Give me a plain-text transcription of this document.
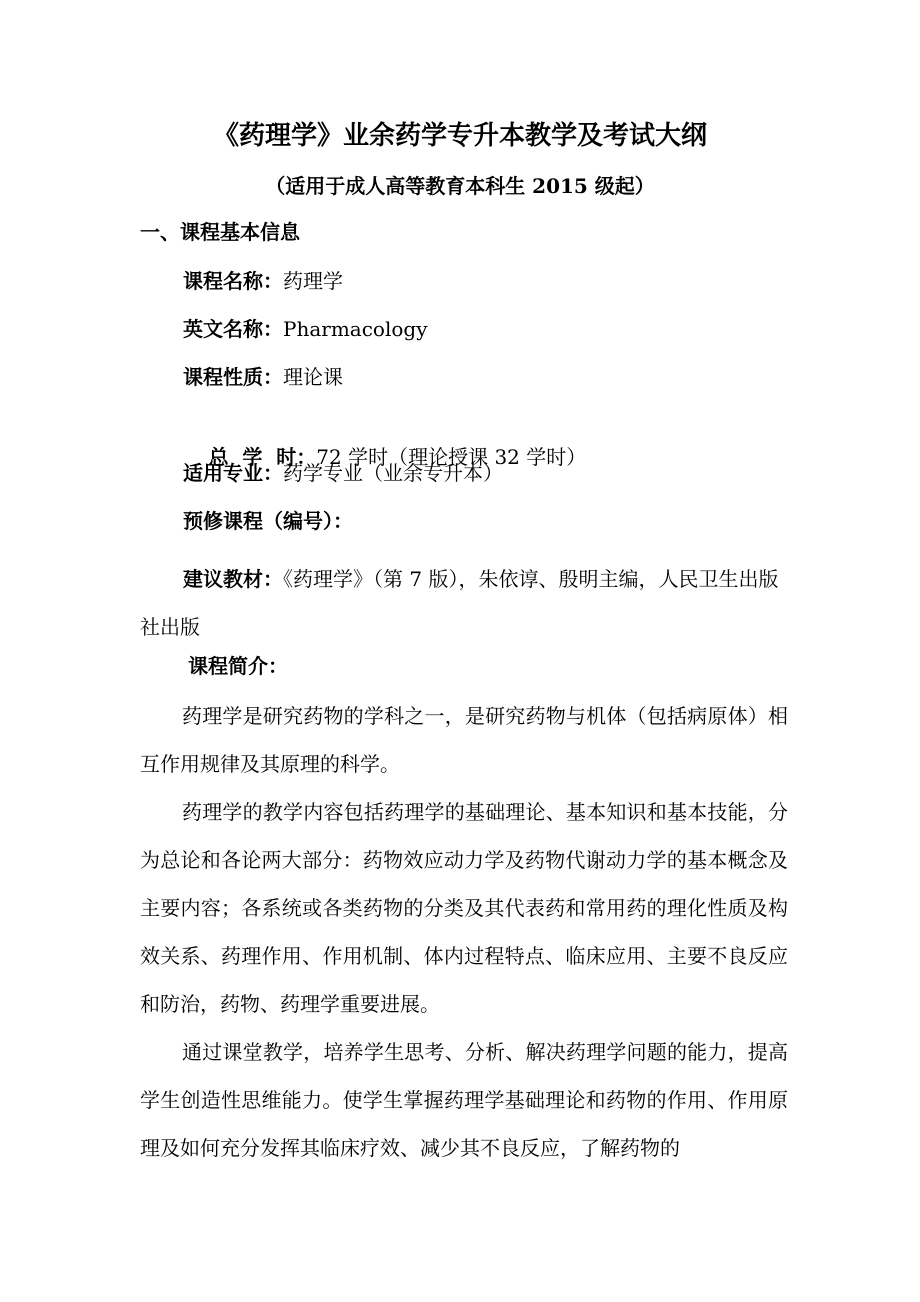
《药理学》业余药学专升本教学及考试大纲
（适用于成人高等教育本科生 2015 级起）
一、课程基本信息
课程名称：药理学
英文名称：Pharmacology
课程性质：理论课

总  学  时：72 学时（理论授课 32 学时）

适用专业：药学专业（业余专升本）
预修课程（编号）：
建议教材：《药理学》（第 7 版），朱依谆、殷明主编，人民卫生出版社出版
课程简介：
药理学是研究药物的学科之一，是研究药物与机体（包括病原体）相互作用规律及其原理的科学。
药理学的教学内容包括药理学的基础理论、基本知识和基本技能，分为总论和各论两大部分：药物效应动力学及药物代谢动力学的基本概念及主要内容；各系统或各类药物的分类及其代表药和常用药的理化性质及构效关系、药理作用、作用机制、体内过程特点、临床应用、主要不良反应和防治，药物、药理学重要进展。
通过课堂教学，培养学生思考、分析、解决药理学问题的能力，提高学生创造性思维能力。使学生掌握药理学基础理论和药物的作用、作用原理及如何充分发挥其临床疗效、减少其不良反应，了解药物的
